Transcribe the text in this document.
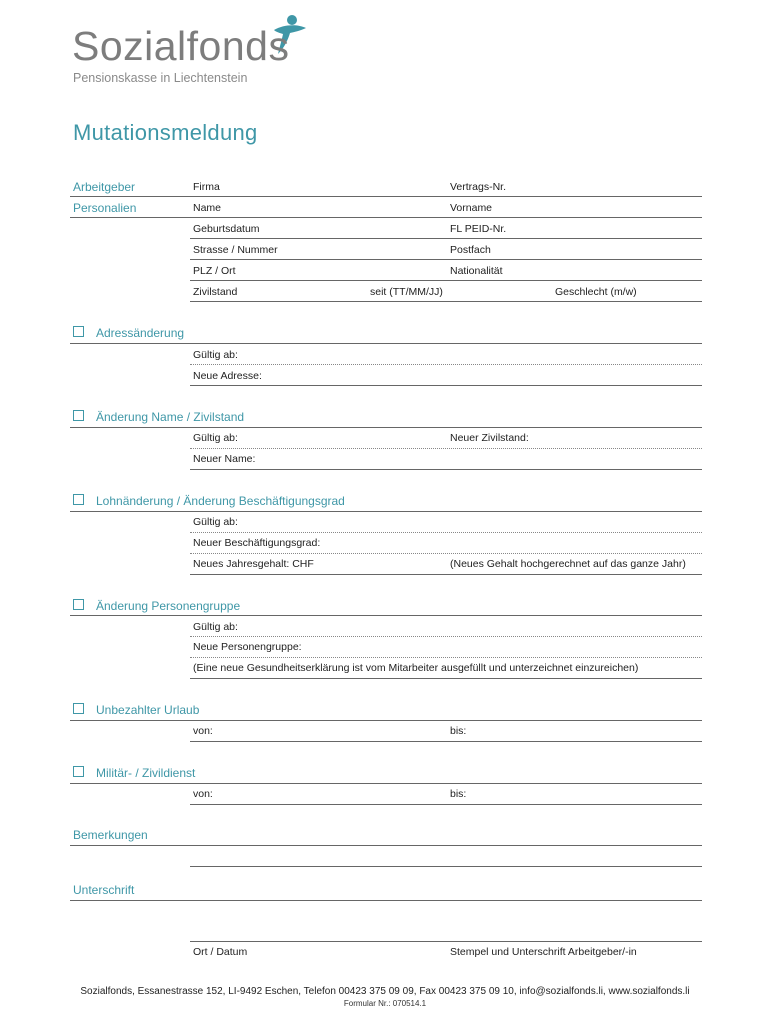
Sozialfonds
Pensionskasse in Liechtenstein
Mutationsmeldung
Arbeitgeber
Personalien
Firma	Vertrags-Nr.
Name	Vorname
Geburtsdatum	FL PEID-Nr.
Strasse / Nummer	Postfach
PLZ / Ort	Nationalität
Zivilstand	seit (TT/MM/JJ)	Geschlecht (m/w)
Adressänderung
Gültig ab:
Neue Adresse:
Änderung Name / Zivilstand
Gültig ab:	Neuer Zivilstand:
Neuer Name:
Lohnänderung / Änderung Beschäftigungsgrad
Gültig ab:
Neuer Beschäftigungsgrad:
Neues Jahresgehalt: CHF	(Neues Gehalt hochgerechnet auf das ganze Jahr)
Änderung Personengruppe
Gültig ab:
Neue Personengruppe:
(Eine neue Gesundheitserklärung ist vom Mitarbeiter ausgefüllt und unterzeichnet einzureichen)
Unbezahlter Urlaub
von:	bis:
Militär- / Zivildienst
von:	bis:
Bemerkungen
Unterschrift
Ort / Datum	Stempel und Unterschrift Arbeitgeber/-in
Sozialfonds, Essanestrasse 152, LI-9492 Eschen, Telefon 00423 375 09 09, Fax 00423 375 09 10, info@sozialfonds.li, www.sozialfonds.li
Formular Nr.: 070514.1
